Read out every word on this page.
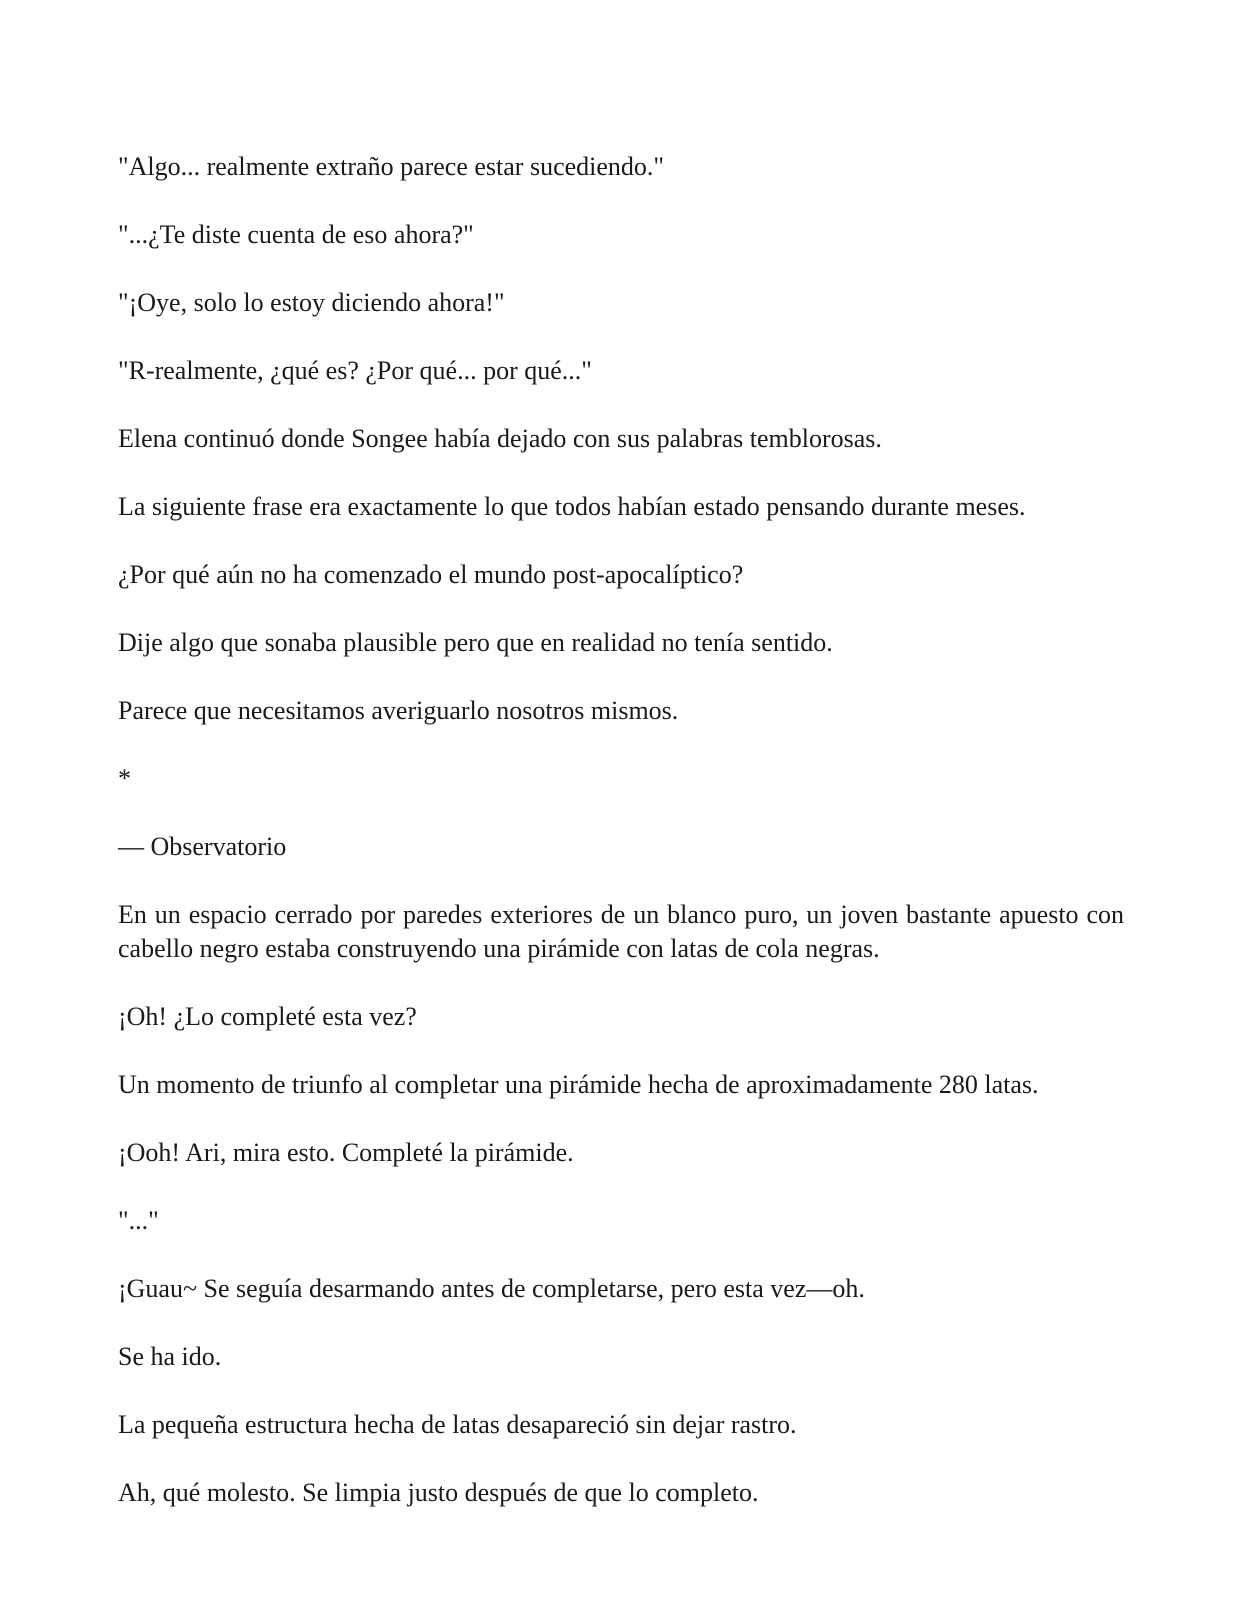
"Algo... realmente extraño parece estar sucediendo."

"...¿Te diste cuenta de eso ahora?"

"¡Oye, solo lo estoy diciendo ahora!"

"R-realmente, ¿qué es? ¿Por qué... por qué..."

Elena continuó donde Songee había dejado con sus palabras temblorosas.

La siguiente frase era exactamente lo que todos habían estado pensando durante meses.

¿Por qué aún no ha comenzado el mundo post-apocalíptico?

Dije algo que sonaba plausible pero que en realidad no tenía sentido.

Parece que necesitamos averiguarlo nosotros mismos.

*

— Observatorio

En un espacio cerrado por paredes exteriores de un blanco puro, un joven bastante apuesto con cabello negro estaba construyendo una pirámide con latas de cola negras.

¡Oh! ¿Lo completé esta vez?

Un momento de triunfo al completar una pirámide hecha de aproximadamente 280 latas.

¡Ooh! Ari, mira esto. Completé la pirámide.

"..."

¡Guau~ Se seguía desarmando antes de completarse, pero esta vez—oh.

Se ha ido.

La pequeña estructura hecha de latas desapareció sin dejar rastro.

Ah, qué molesto. Se limpia justo después de que lo completo.
